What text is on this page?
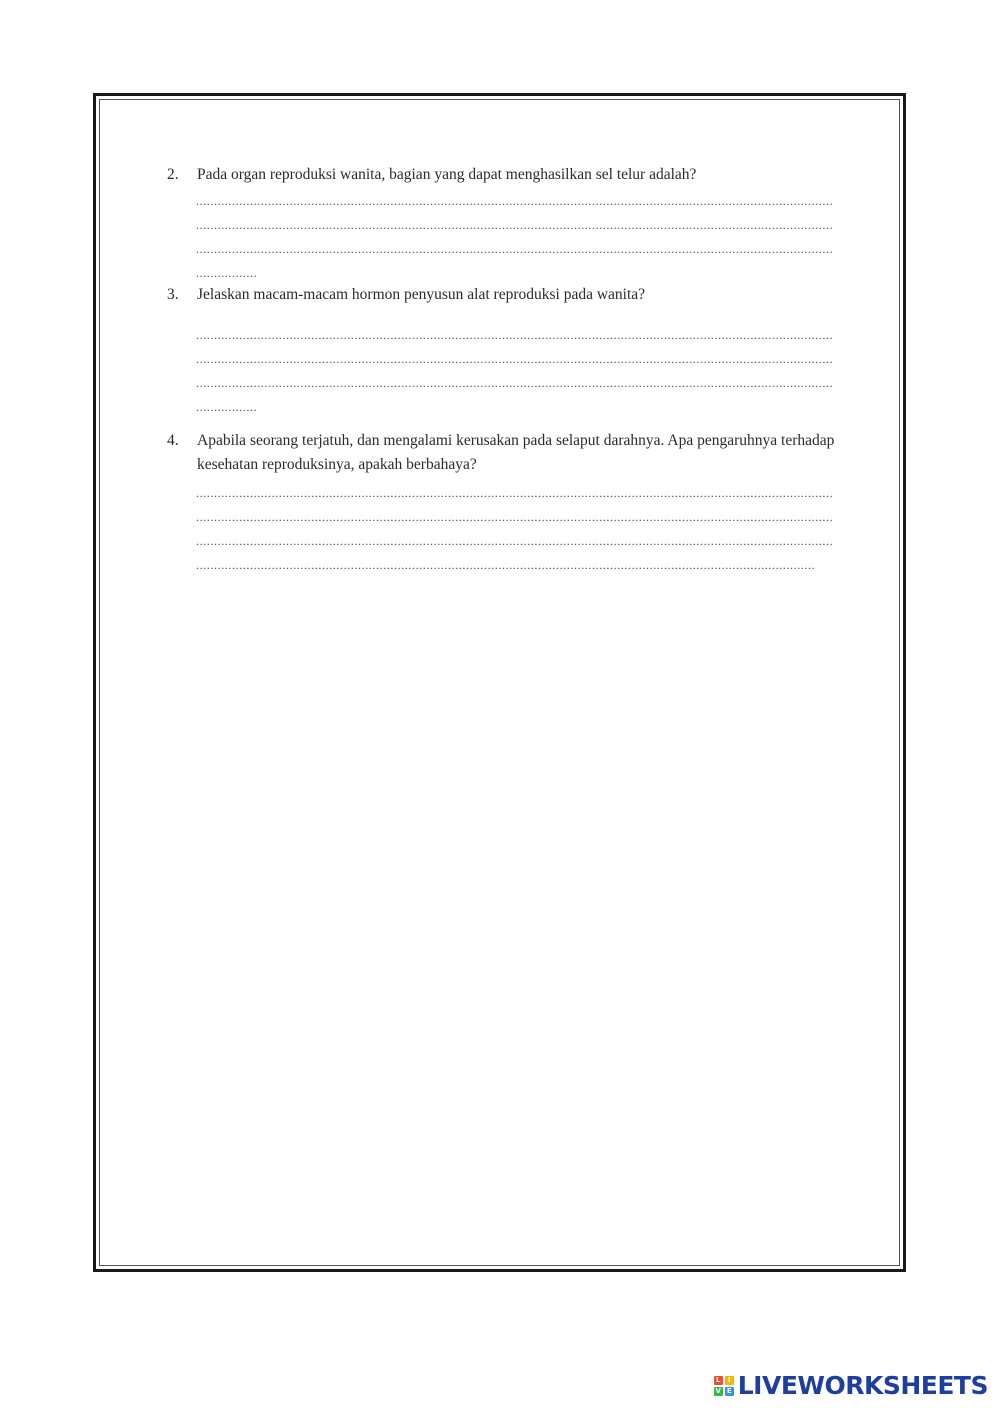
2. Pada organ reproduksi wanita, bagian yang dapat menghasilkan sel telur adalah?
.....
.....
.....
.....
3. Jelaskan macam-macam hormon penyusun alat reproduksi pada wanita?
.....
.....
.....
.....
4. Apabila seorang terjatuh, dan mengalami kerusakan pada selaput darahnya. Apa pengaruhnya terhadap kesehatan reproduksinya, apakah berbahaya?
.....
.....
.....
.....
L	I
V E LIVEWORKSHEETS
